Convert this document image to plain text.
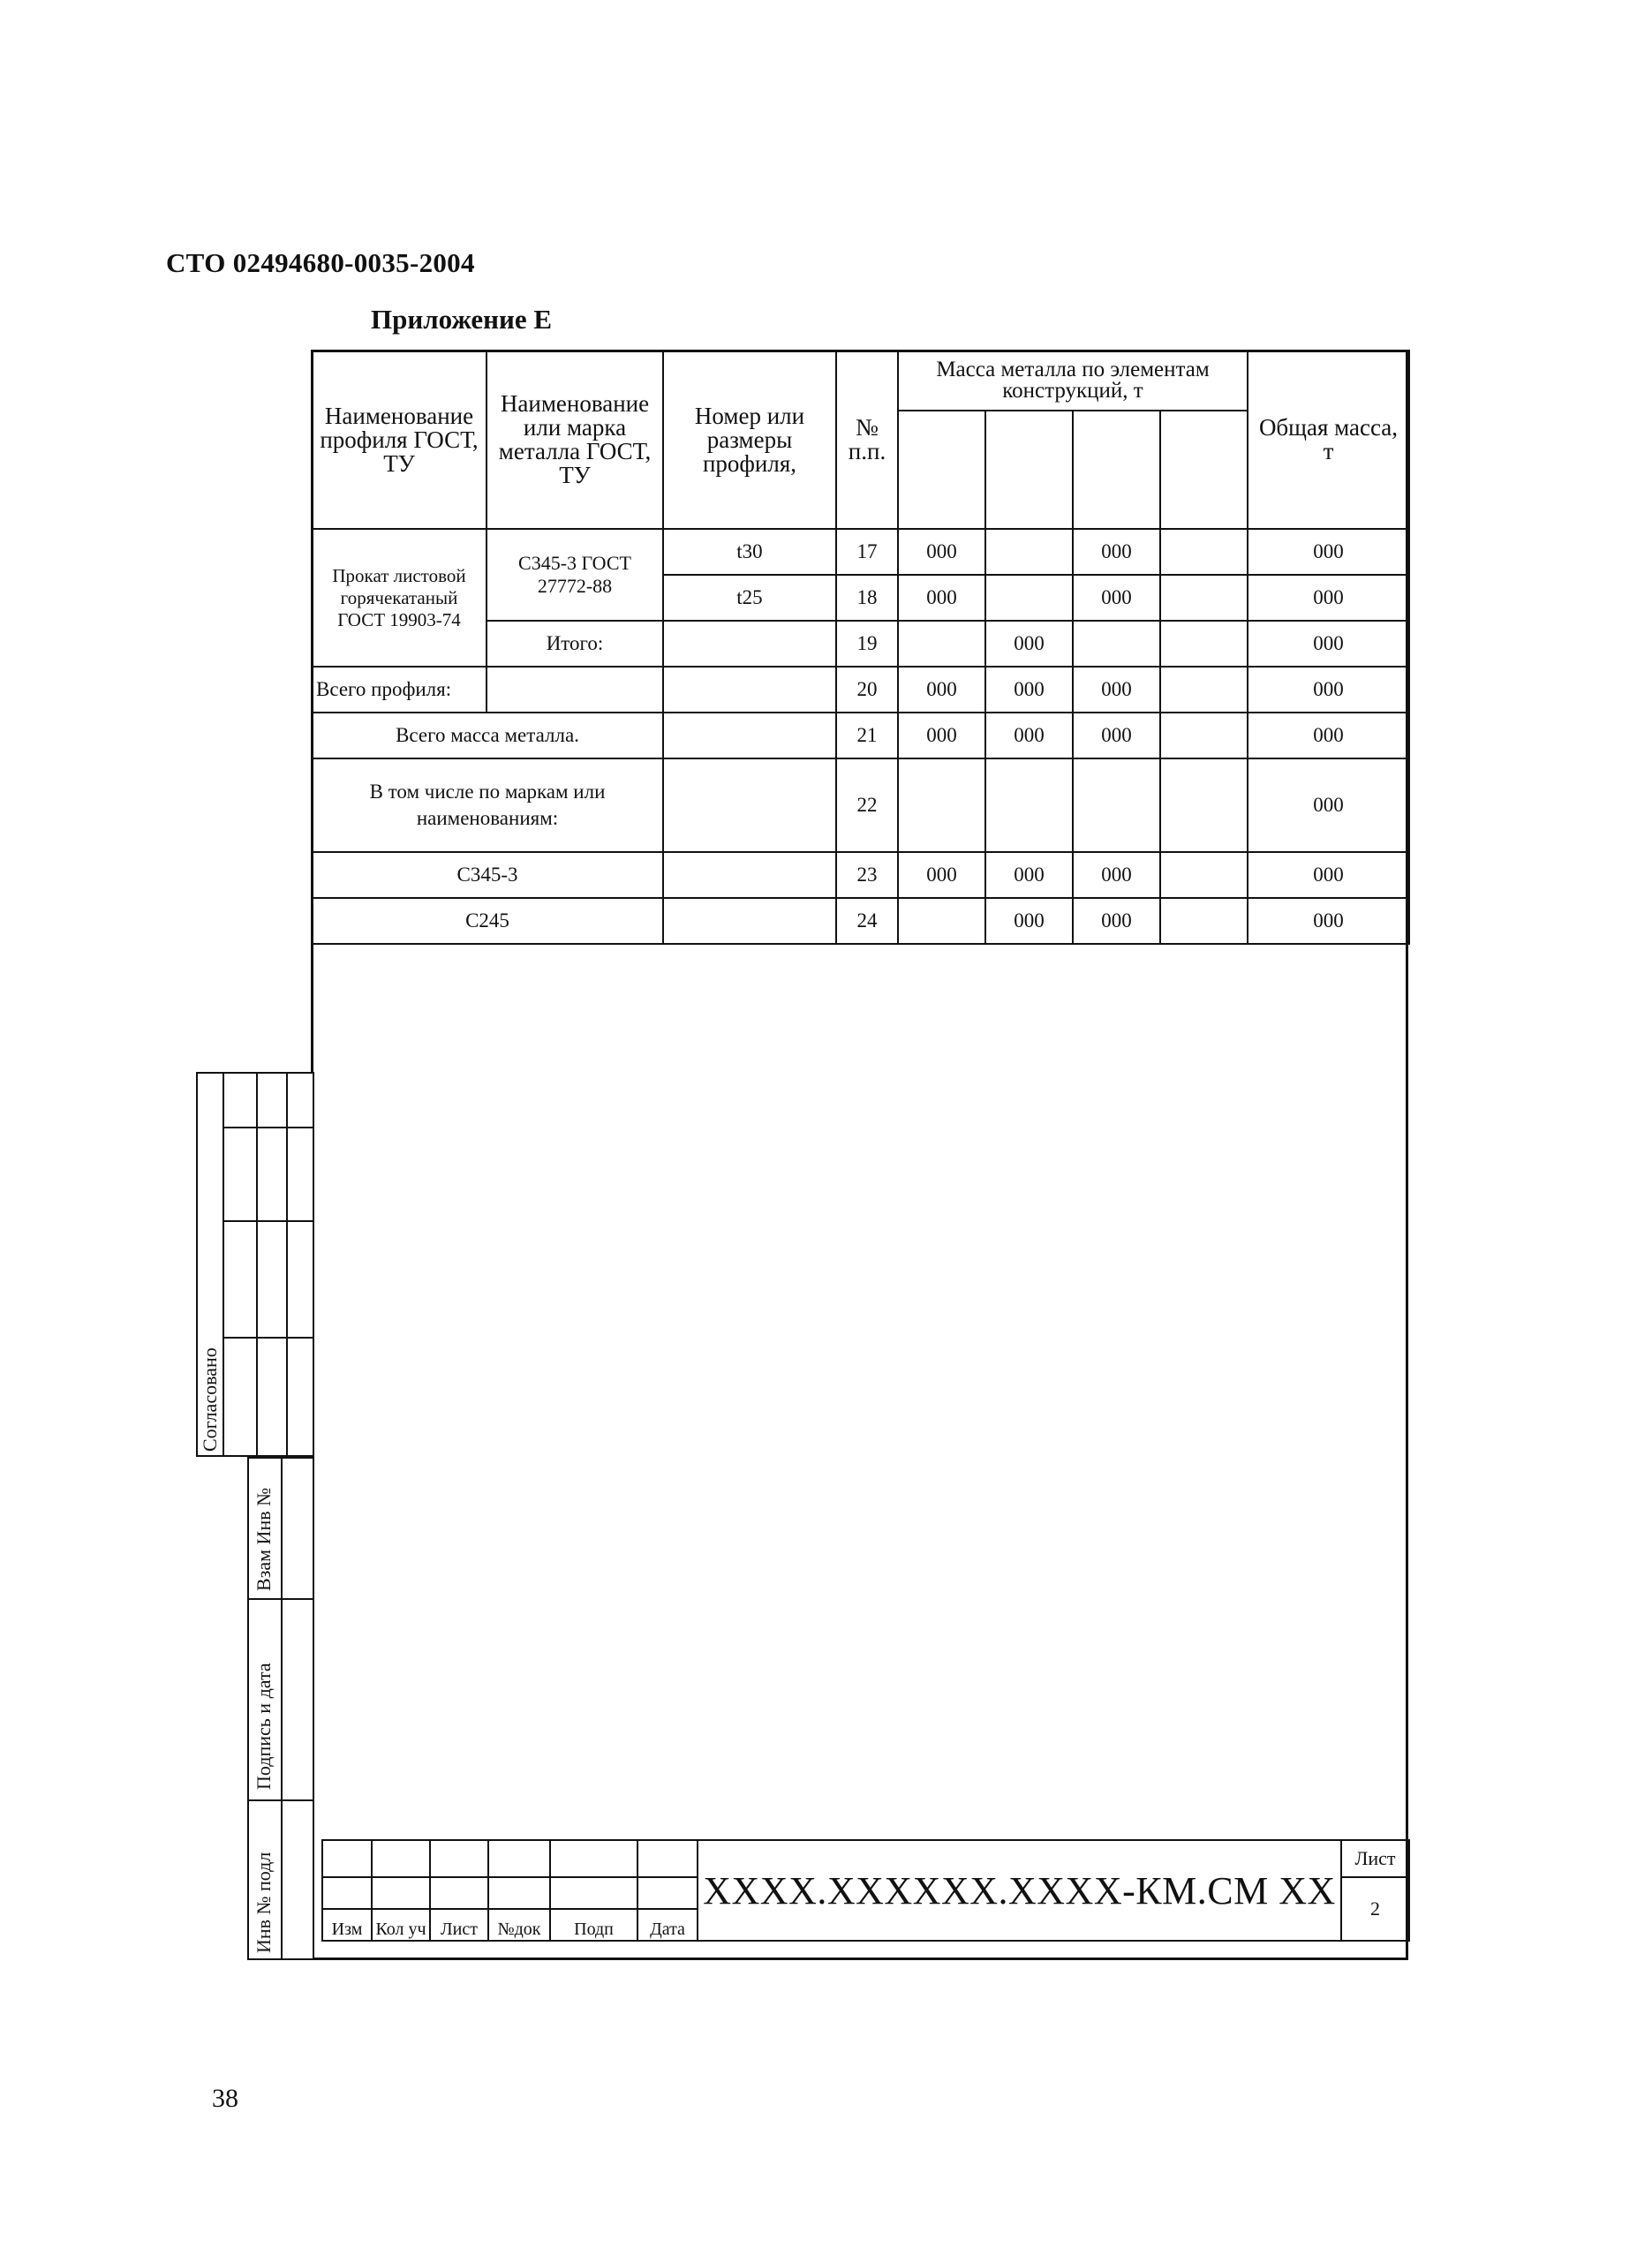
СТО 02494680-0035-2004
Приложение Е
Наименование профиля ГОСТ, ТУ	Наименование или марка металла ГОСТ, ТУ	Номер или размеры профиля,	№ п.п.	Масса металла по элементам конструкций, т				Общая масса, т

Прокат листовой горячекатаный ГОСТ 19903-74	С345-3 ГОСТ 27772-88	t30	17	000		000		000
		t25	18	000		000		000
	Итого:		19		000			000
Всего профиля:			20	000	000	000		000
Всего масса металла.			21	000	000	000		000
В том числе по маркам или наименованиям:			22					000
С345-3			23	000	000	000		000
С245			24		000	000		000
Согласовано
Взам Инв №
Подпись и дата
Инв № подл
							XXXX.XXXXXX.XXXX-КМ.СМ XX	Лист
							2
Изм	Кол уч	Лист	№док	Подп	Дата		
38
